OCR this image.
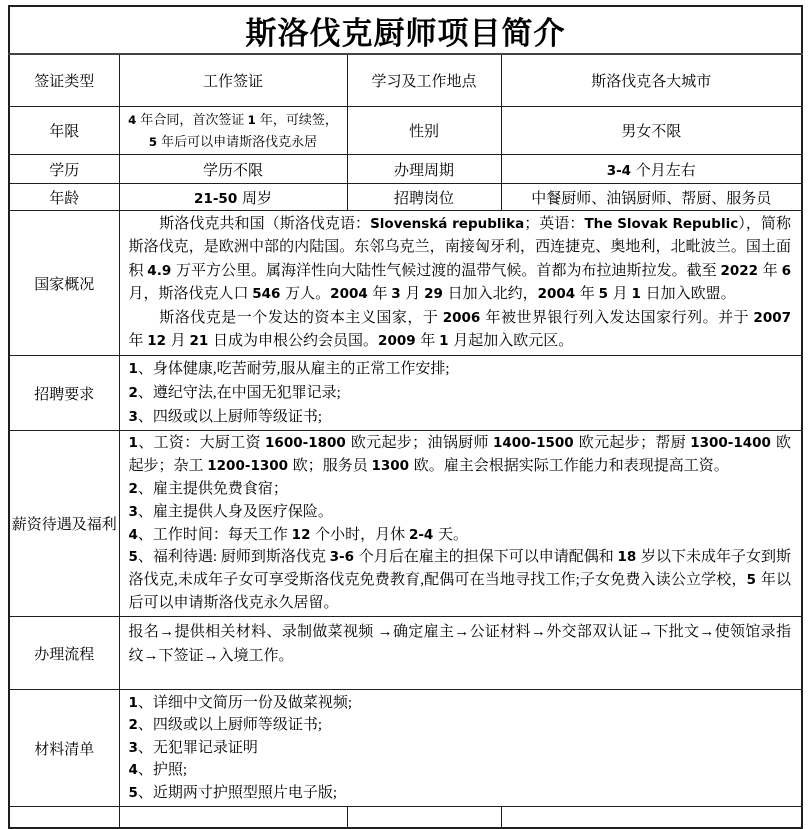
斯洛伐克厨师项目简介			
签证类型	工作签证	学习及工作地点	斯洛伐克各大城市
年限	4 年合同，首次签证 1 年，可续签，5 年后可以申请斯洛伐克永居	性别	男女不限
学历	学历不限	办理周期	3-4 个月左右
年龄	21-50 周岁	招聘岗位	中餐厨师、油锅厨师、帮厨、服务员
国家概况	斯洛伐克共和国（斯洛伐克语：Slovenská republika；英语：The Slovak Republic），简称斯洛伐克，是欧洲中部的内陆国。东邻乌克兰，南接匈牙利，西连捷克、奥地利，北毗波兰。国土面积 4.9 万平方公里。属海洋性向大陆性气候过渡的温带气候。首都为布拉迪斯拉发。截至 2022 年 6 月，斯洛伐克人口 546 万人。2004 年 3 月 29 日加入北约，2004 年 5 月 1 日加入欧盟。
斯洛伐克是一个发达的资本主义国家，于 2006 年被世界银行列入发达国家行列。并于 2007 年 12 月 21 日成为申根公约会员国。2009 年 1 月起加入欧元区。		

招聘要求	1、身体健康,吃苦耐劳,服从雇主的正常工作安排;
2、遵纪守法,在中国无犯罪记录;
3、四级或以上厨师等级证书;		

薪资待遇及福利	1、工资：大厨工资 1600-1800 欧元起步；油锅厨师 1400-1500 欧元起步；帮厨 1300-1400 欧起步；杂工 1200-1300 欧；服务员 1300 欧。雇主会根据实际工作能力和表现提高工资。
2、雇主提供免费食宿；
3、雇主提供人身及医疗保险。
4、工作时间：每天工作 12 个小时，月休 2-4 天。
5、福利待遇: 厨师到斯洛伐克 3-6 个月后在雇主的担保下可以申请配偶和 18 岁以下未成年子女到斯洛伐克,未成年子女可享受斯洛伐克免费教育,配偶可在当地寻找工作;子女免费入读公立学校，5 年以后可以申请斯洛伐克永久居留。		

办理流程	报名→提供相关材料、录制做菜视频 →确定雇主→公证材料→外交部双认证→下批文→使领馆录指纹→下签证→入境工作。		

材料清单	1、详细中文简历一份及做菜视频;
2、四级或以上厨师等级证书;
3、无犯罪记录证明
4、护照;
5、近期两寸护照型照片电子版;		
